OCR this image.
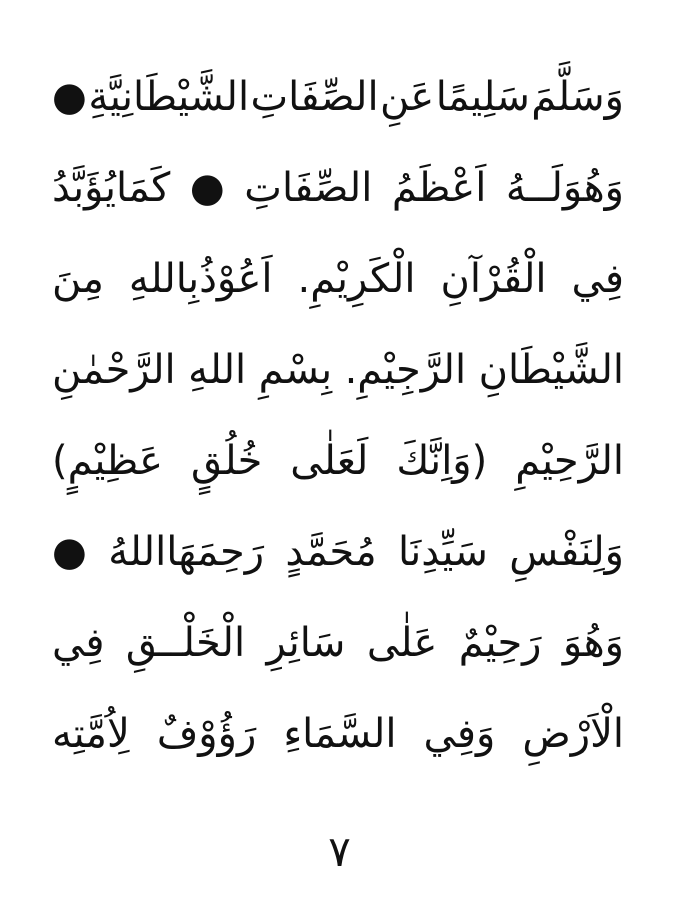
وَسَلَّمَ
سَلِيمًا
عَنِ
الصِّفَاتِ
الشَّيْطَانِيَّةِ
●
وَهُوَلَــهُ
اَعْظَمُ
الصِّفَاتِ
●
كَمَايُؤَبَّدُ
فِي
الْقُرْآنِ
الْكَرِيْمِ.
اَعُوْذُبِاللهِ
مِنَ
الشَّيْطَانِ
الرَّجِيْمِ.
بِسْمِ
اللهِ
الرَّحْمٰنِ
الرَّحِيْمِ
(وَاِنَّكَ
لَعَلٰى
خُلُقٍ
عَظِيْمٍ)
وَلِنَفْسِ
سَيِّدِنَا
مُحَمَّدٍ
رَحِمَهَااللهُ
●
وَهُوَ
رَحِيْمٌ
عَلٰى
سَائِرِ
الْخَلْــقِ
فِي
الْاَرْضِ
وَفِي
السَّمَاءِ
رَؤُوْفٌ
لِاُمَّتِه
٧
